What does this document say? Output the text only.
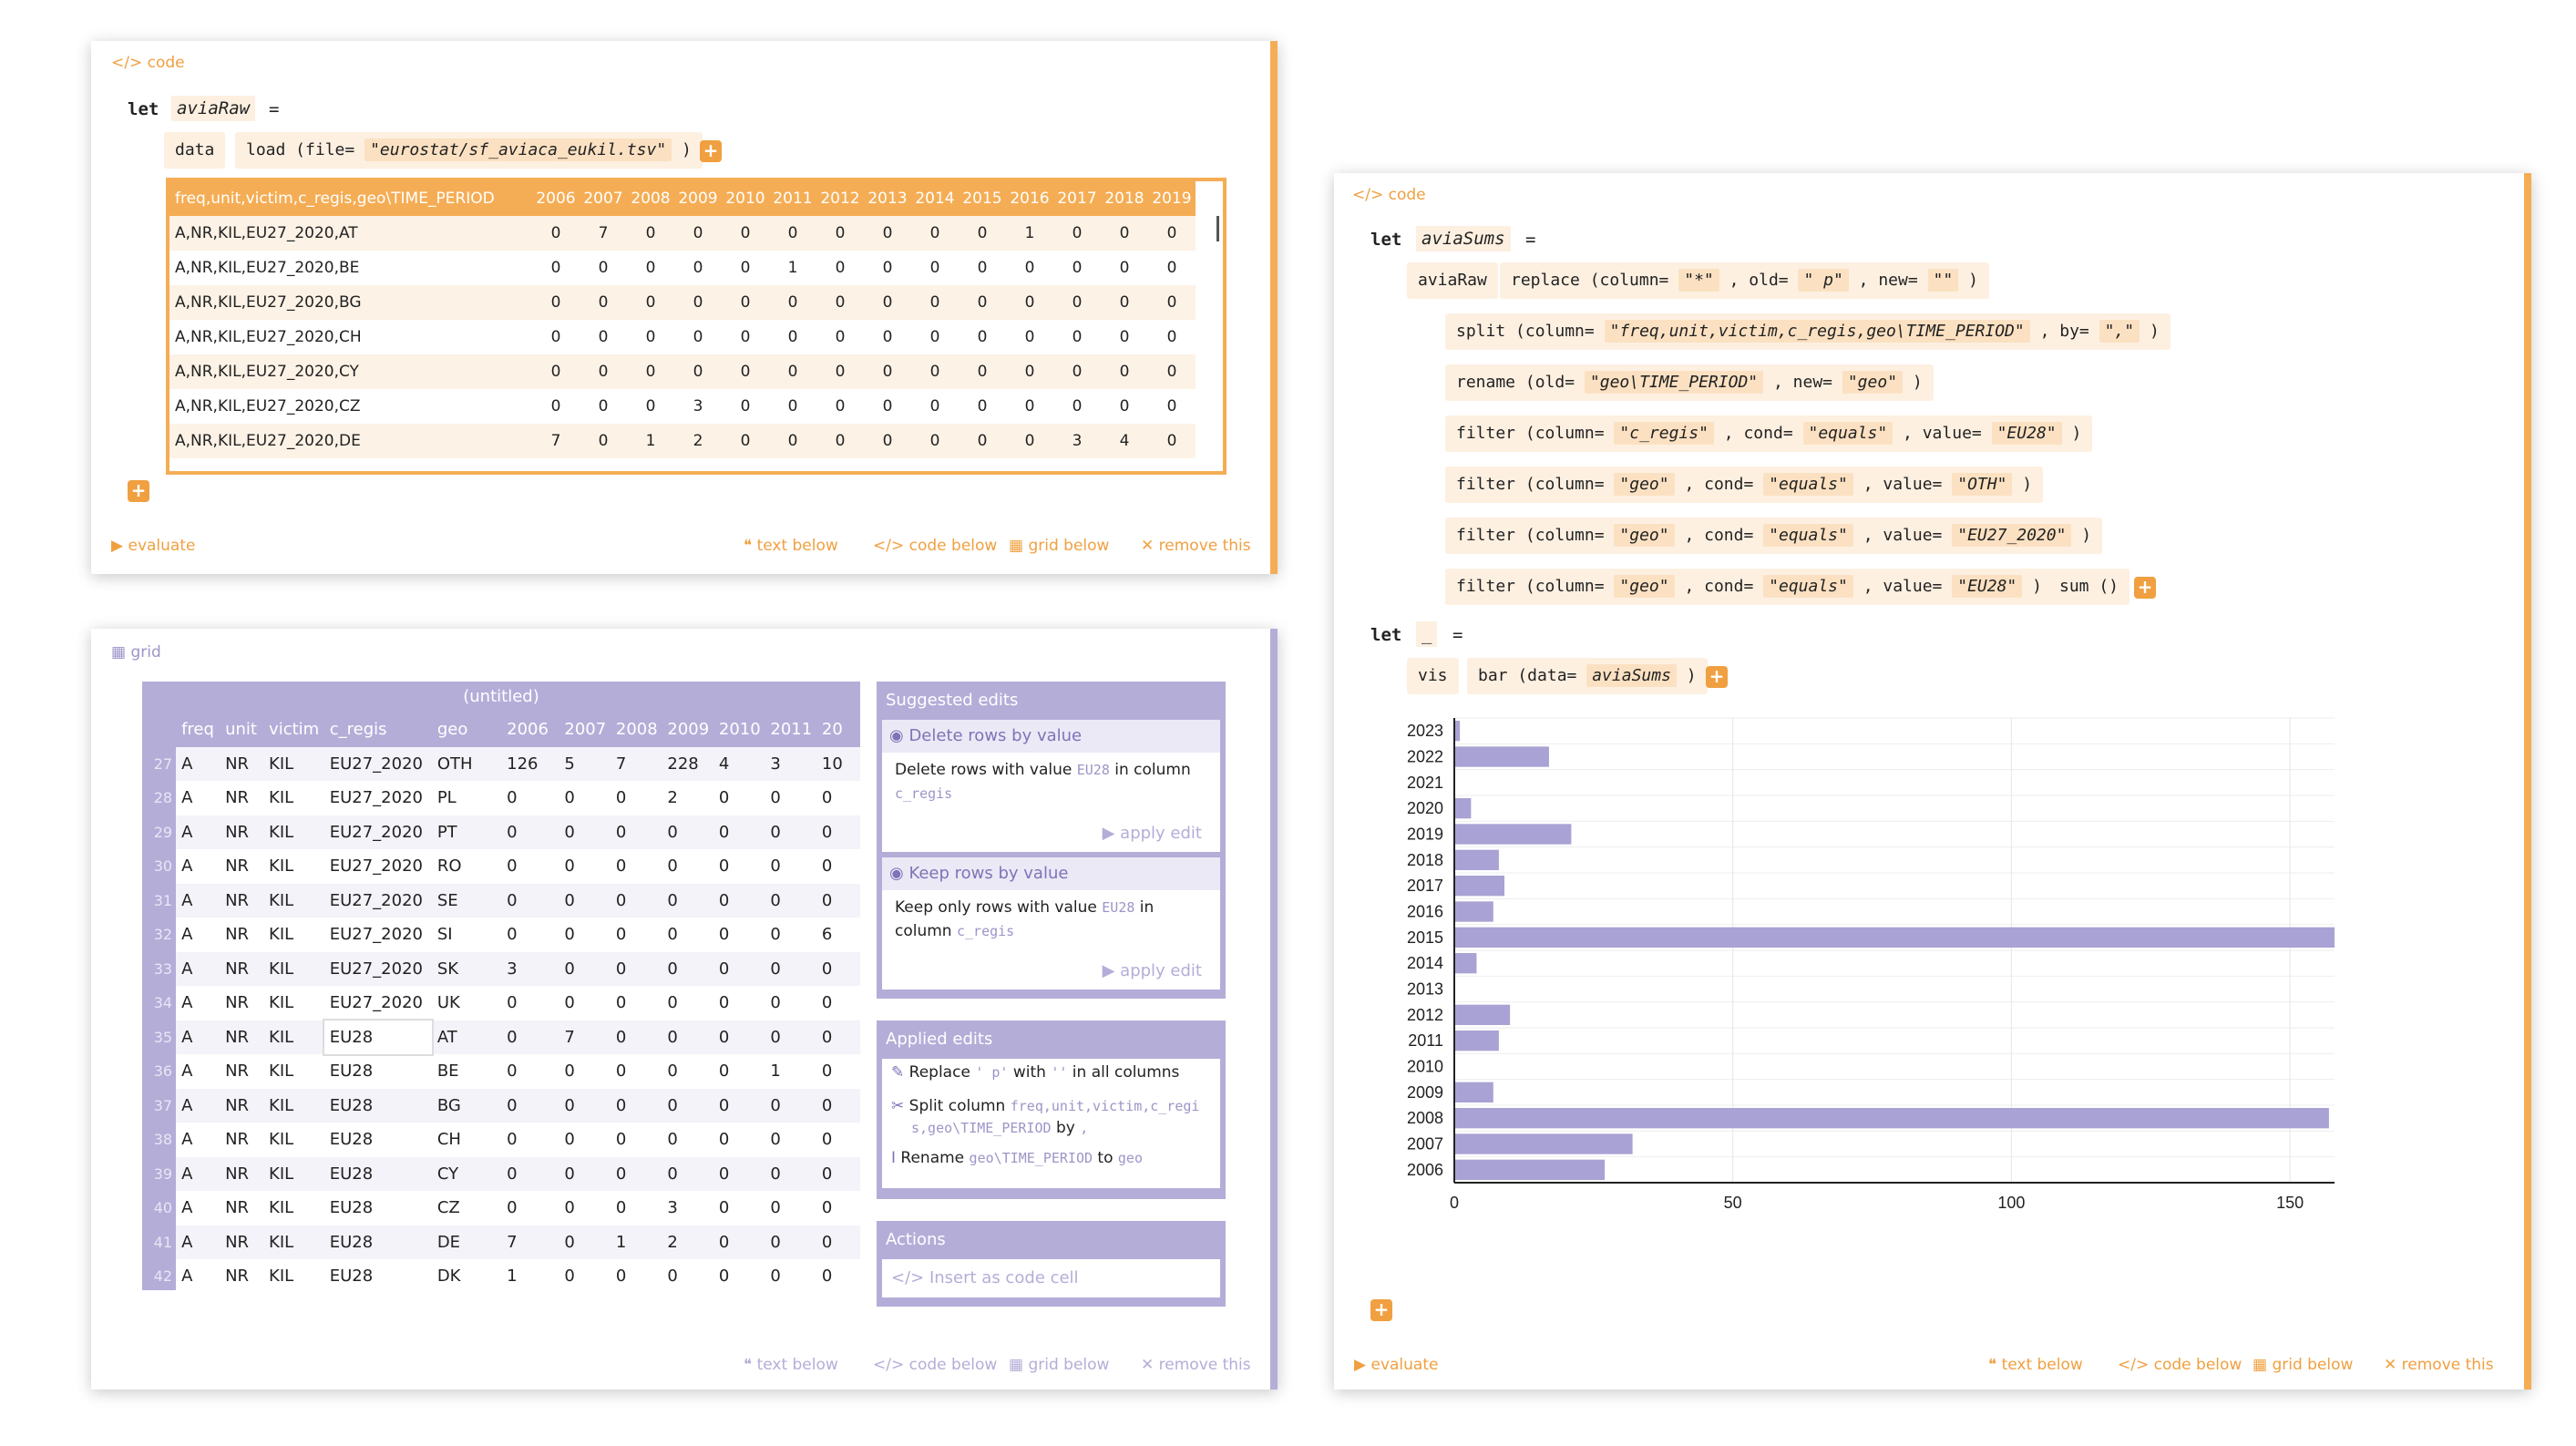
</> code
let	aviaRaw	=
data	load (file= "eurostat/sf_aviaca_eukil.tsv" ) +
freq,unit,victim,c_regis,geo\TIME_PERIOD	2006	2007	2008	2009	2010	2011	2012	2013	2014	2015	2016	2017	2018	2019
A,NR,KIL,EU27_2020,AT	0	7	0	0	0	0	0	0	0	0	1	0	0	0
A,NR,KIL,EU27_2020,BE	0	0	0	0	0	1	0	0	0	0	0	0	0	0
A,NR,KIL,EU27_2020,BG	0	0	0	0	0	0	0	0	0	0	0	0	0	0
A,NR,KIL,EU27_2020,CH	0	0	0	0	0	0	0	0	0	0	0	0	0	0
A,NR,KIL,EU27_2020,CY	0	0	0	0	0	0	0	0	0	0	0	0	0	0
A,NR,KIL,EU27_2020,CZ	0	0	0	3	0	0	0	0	0	0	0	0	0	0
A,NR,KIL,EU27_2020,DE	7	0	1	2	0	0	0	0	0	0	0	3	4	0
+
▶ evaluate	❝ text below </> code below ▦ grid below ✕ remove this
▦ grid
(untitled)
	freq	unit	victim	c_regis	geo	2006	2007	2008	2009	2010	2011	20
27	A	NR	KIL	EU27_2020	OTH	126	5	7	228	4	3	10
28	A	NR	KIL	EU27_2020	PL	0	0	0	2	0	0	0
29	A	NR	KIL	EU27_2020	PT	0	0	0	0	0	0	0
30	A	NR	KIL	EU27_2020	RO	0	0	0	0	0	0	0
31	A	NR	KIL	EU27_2020	SE	0	0	0	0	0	0	0
32	A	NR	KIL	EU27_2020	SI	0	0	0	0	0	0	6
33	A	NR	KIL	EU27_2020	SK	3	0	0	0	0	0	0
34	A	NR	KIL	EU27_2020	UK	0	0	0	0	0	0	0
35	A	NR	KIL	EU28	AT	0	7	0	0	0	0	0
36	A	NR	KIL	EU28	BE	0	0	0	0	0	1	0
37	A	NR	KIL	EU28	BG	0	0	0	0	0	0	0
38	A	NR	KIL	EU28	CH	0	0	0	0	0	0	0
39	A	NR	KIL	EU28	CY	0	0	0	0	0	0	0
40	A	NR	KIL	EU28	CZ	0	0	0	3	0	0	0
41	A	NR	KIL	EU28	DE	7	0	1	2	0	0	0
42	A	NR	KIL	EU28	DK	1	0	0	0	0	0	0
Suggested edits
◉ Delete rows by value
Delete rows with value EU28 in column c_regis
▶ apply edit
◉ Keep rows by value
Keep only rows with value EU28 in column c_regis
▶ apply edit
Applied edits
✎ Replace ' p' with '' in all columns
✂ Split column freq,unit,victim,c_regis,geo\TIME_PERIOD by ,
I Rename geo\TIME_PERIOD to geo
Actions
</> Insert as code cell
❝ text below </> code below ▦ grid below ✕ remove this
</> code
let	aviaSums	=
aviaRaw	replace (column= "*" , old= " p" , new= "" )
split (column= "freq,unit,victim,c_regis,geo\TIME_PERIOD" , by= "," )
rename (old= "geo\TIME_PERIOD" , new= "geo" )
filter (column= "c_regis" , cond= "equals" , value= "EU28" )
filter (column= "geo" , cond= "equals" , value= "OTH" )
filter (column= "geo" , cond= "equals" , value= "EU27_2020" )
filter (column= "geo" , cond= "equals" , value= "EU28" )	sum ()	+
let	_	=
vis	bar (data= aviaSums ) +
0	50	100	150
2023
2022
2021
2020
2019
2018
2017
2016
2015
2014
2013
2012
2011
2010
2009
2008
2007
2006
+
▶ evaluate	❝ text below </> code below ▦ grid below ✕ remove this
